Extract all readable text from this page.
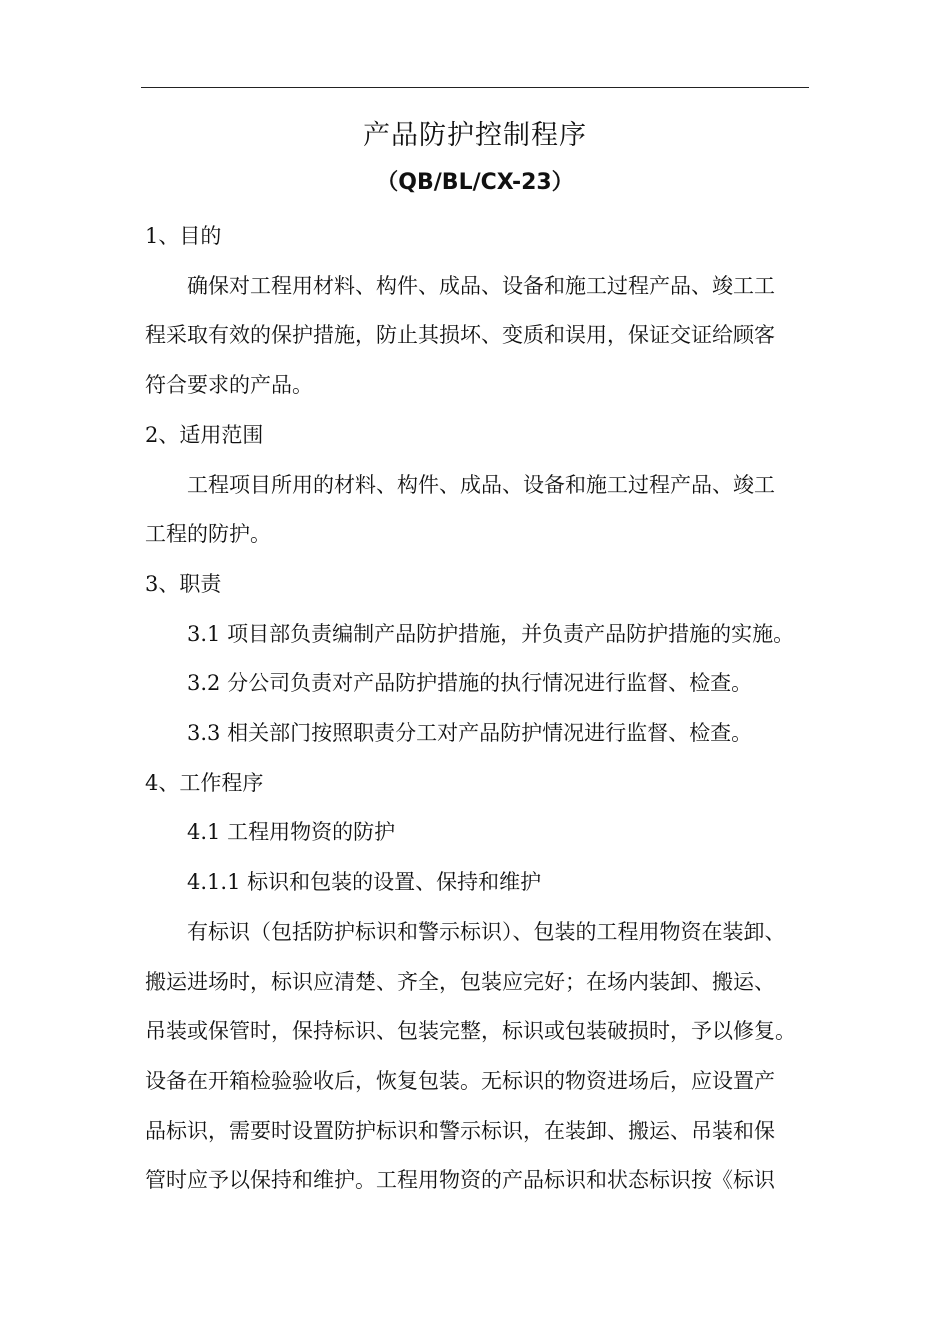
产品防护控制程序
（QB/BL/CX-23）

1、目的

确保对工程用材料、构件、成品、设备和施工过程产品、竣工工

程采取有效的保护措施，防止其损坏、变质和误用，保证交证给顾客

符合要求的产品。

2、适用范围

工程项目所用的材料、构件、成品、设备和施工过程产品、竣工

工程的防护。

3、职责

3.1 项目部负责编制产品防护措施，并负责产品防护措施的实施。

3.2 分公司负责对产品防护措施的执行情况进行监督、检查。

3.3 相关部门按照职责分工对产品防护情况进行监督、检查。

4、工作程序

4.1 工程用物资的防护

4.1.1 标识和包装的设置、保持和维护

有标识（包括防护标识和警示标识）、包装的工程用物资在装卸、

搬运进场时，标识应清楚、齐全，包装应完好；在场内装卸、搬运、

吊装或保管时，保持标识、包装完整，标识或包装破损时，予以修复。

设备在开箱检验验收后，恢复包装。无标识的物资进场后，应设置产

品标识，需要时设置防护标识和警示标识，在装卸、搬运、吊装和保

管时应予以保持和维护。工程用物资的产品标识和状态标识按《标识
